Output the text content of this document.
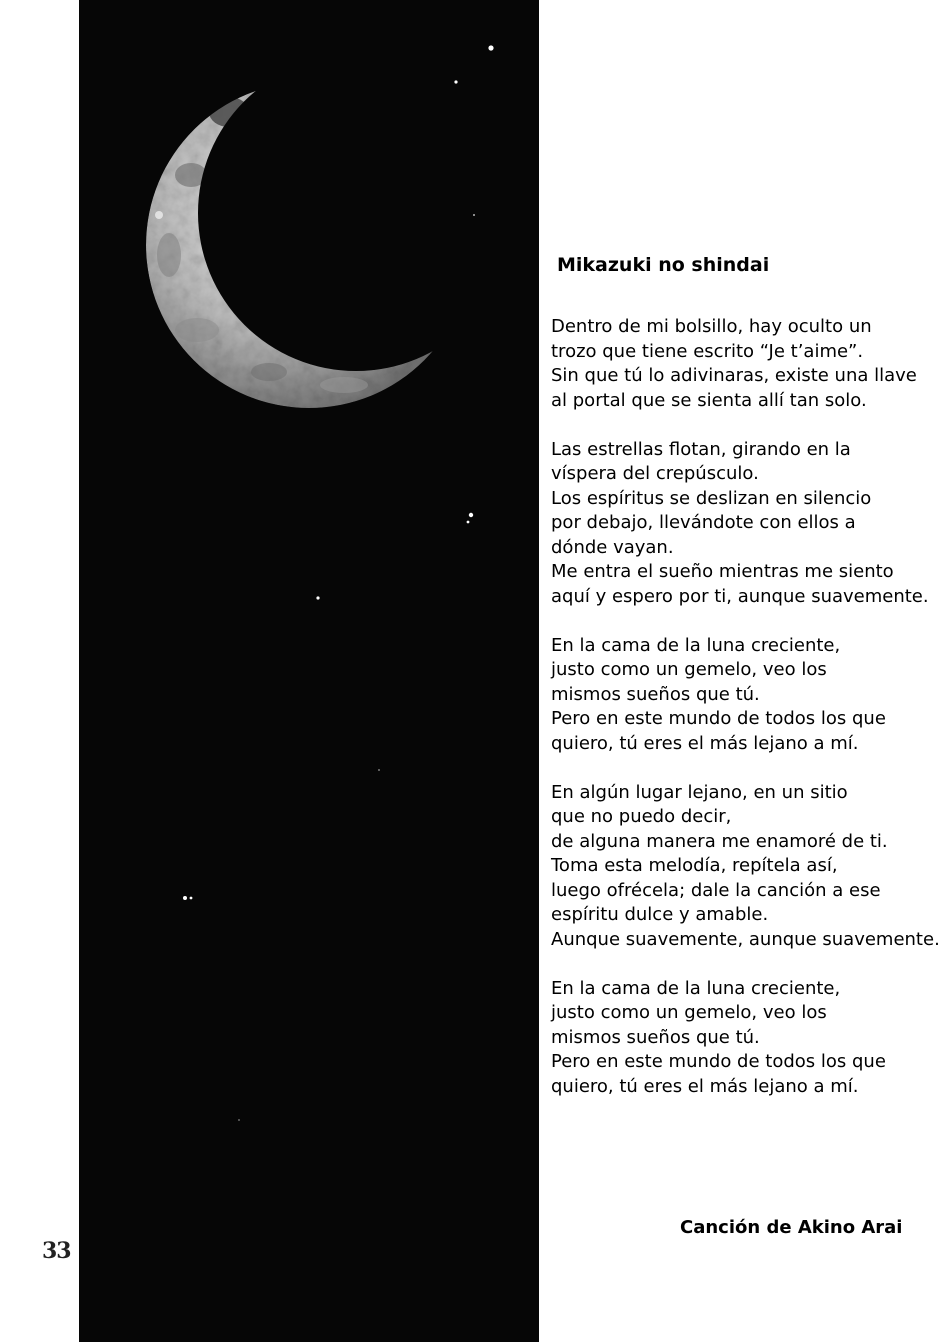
33
Mikazuki no shindai
Dentro de mi bolsillo, hay oculto un
trozo que tiene escrito “Je t’aime”.
Sin que tú lo adivinaras, existe una llave
al portal que se sienta allí tan solo.
Las estrellas flotan, girando en la
víspera del crepúsculo.
Los espíritus se deslizan en silencio
por debajo, llevándote con ellos a
dónde vayan.
Me entra el sueño mientras me siento
aquí y espero por ti, aunque suavemente.
En la cama de la luna creciente,
justo como un gemelo, veo los
mismos sueños que tú.
Pero en este mundo de todos los que
quiero, tú eres el más lejano a mí.
En algún lugar lejano, en un sitio
que no puedo decir,
de alguna manera me enamoré de ti.
Toma esta melodía, repítela así,
luego ofrécela; dale la canción a ese
espíritu dulce y amable.
Aunque suavemente, aunque suavemente.
En la cama de la luna creciente,
justo como un gemelo, veo los
mismos sueños que tú.
Pero en este mundo de todos los que
quiero, tú eres el más lejano a mí.
Canción de Akino Arai
